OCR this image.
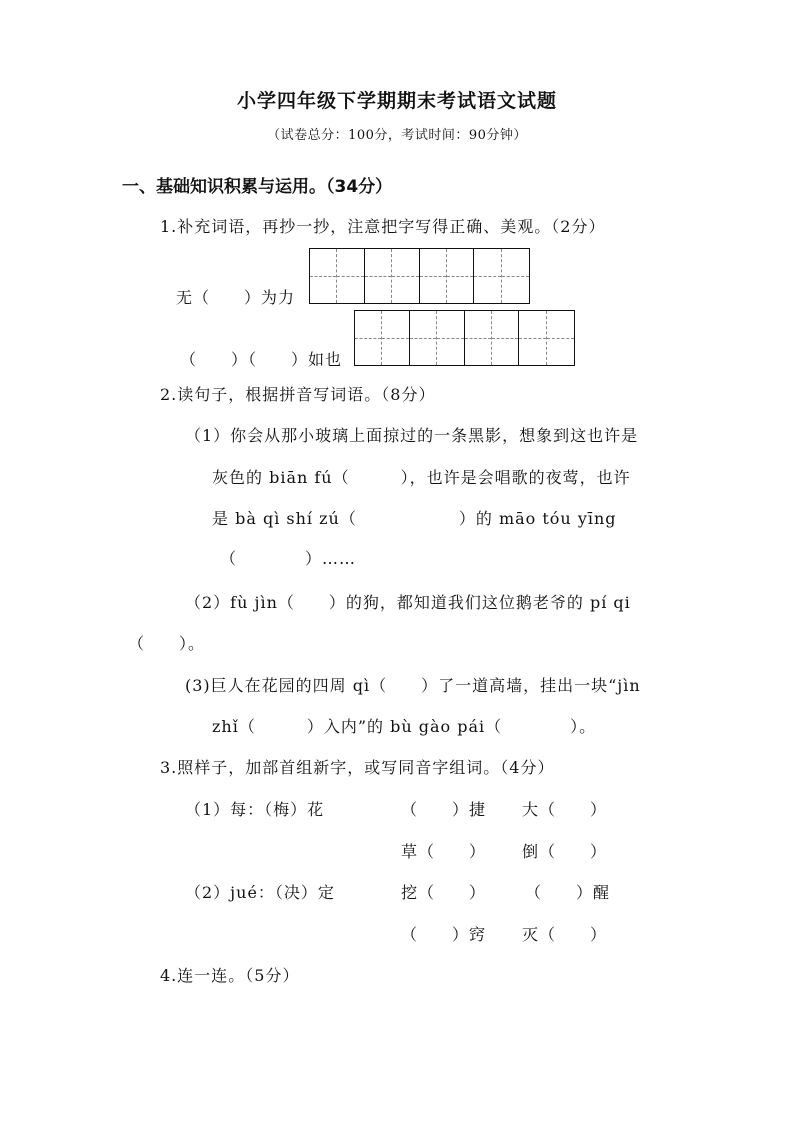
小学四年级下学期期末考试语文试题
（试卷总分：100分，考试时间：90分钟）
一、基础知识积累与运用。（34分）
1.补充词语，再抄一抄，注意把字写得正确、美观。（2分）
无（　　）为力
（　　）（　　）如也
2.读句子，根据拼音写词语。（8分）
（1）你会从那小玻璃上面掠过的一条黑影，想象到这也许是
灰色的 biān fú（　　　），也许是会唱歌的夜莺，也许
是 bà qì shí zú（　　　　　　）的 māo tóu yīng
（　　　　）……
（2）fù jìn（　　）的狗，都知道我们这位鹅老爷的 pí qi
（　　）。
(3)巨人在花园的四周 qì（　　）了一道高墙，挂出一块“jìn
zhǐ（　　　）入内”的 bù gào pái（　　　　）。
3.照样子，加部首组新字，或写同音字组词。（4分）
（1）每：（梅）花	（　　）捷 大（　　）
草（　　） 倒（　　）
（2）jué：（决）定	挖（　　） （　　）醒
（　　）窍 灭（　　）
4.连一连。（5分）
